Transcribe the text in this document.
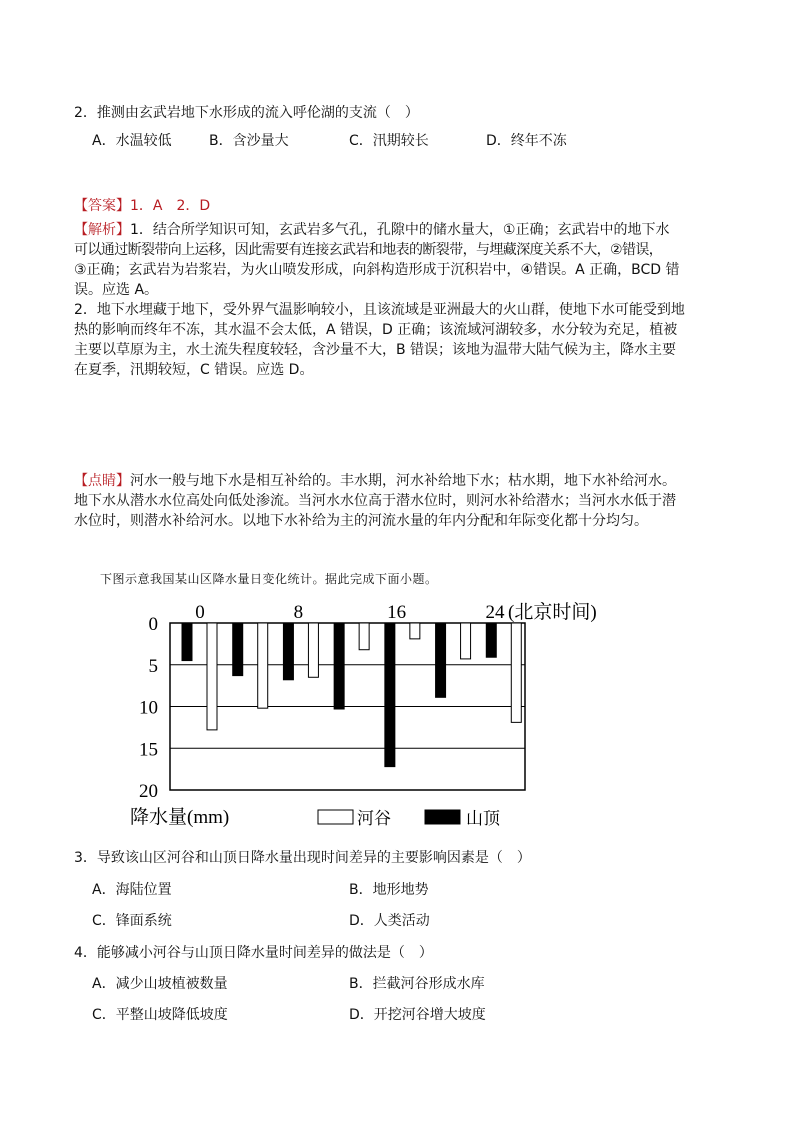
2．推测由玄武岩地下水形成的流入呼伦湖的支流（　）
A．水温较低	B．含沙量大	C．汛期较长	D．终年不冻
【答案】1．A　2．D
【解析】1．结合所学知识可知，玄武岩多气孔，孔隙中的储水量大，①正确；玄武岩中的地下水
可以通过断裂带向上运移，因此需要有连接玄武岩和地表的断裂带，与埋藏深度关系不大，②错误，
③正确；玄武岩为岩浆岩，为火山喷发形成，向斜构造形成于沉积岩中，④错误。A 正确，BCD 错
误。应选 A。
2．地下水埋藏于地下，受外界气温影响较小，且该流域是亚洲最大的火山群，使地下水可能受到地
热的影响而终年不冻，其水温不会太低，A 错误，D 正确；该流域河湖较多，水分较为充足，植被
主要以草原为主，水土流失程度较轻，含沙量不大，B 错误；该地为温带大陆气候为主，降水主要
在夏季，汛期较短，C 错误。应选 D。
【点睛】河水一般与地下水是相互补给的。丰水期，河水补给地下水；枯水期，地下水补给河水。
地下水从潜水水位高处向低处渗流。当河水水位高于潜水位时，则河水补给潜水；当河水水低于潜
水位时，则潜水补给河水。以地下水补给为主的河流水量的年内分配和年际变化都十分均匀。
下图示意我国某山区降水量日变化统计。据此完成下面小题。
0
5
10
15
20
0	8	16	24 (北京时间)
降水量(mm)	河谷	山顶
3．导致该山区河谷和山顶日降水量出现时间差异的主要影响因素是（　）
A．海陆位置	B．地形地势
C．锋面系统	D．人类活动
4．能够减小河谷与山顶日降水量时间差异的做法是（　）
A．减少山坡植被数量	B．拦截河谷形成水库
C．平整山坡降低坡度	D．开挖河谷增大坡度
